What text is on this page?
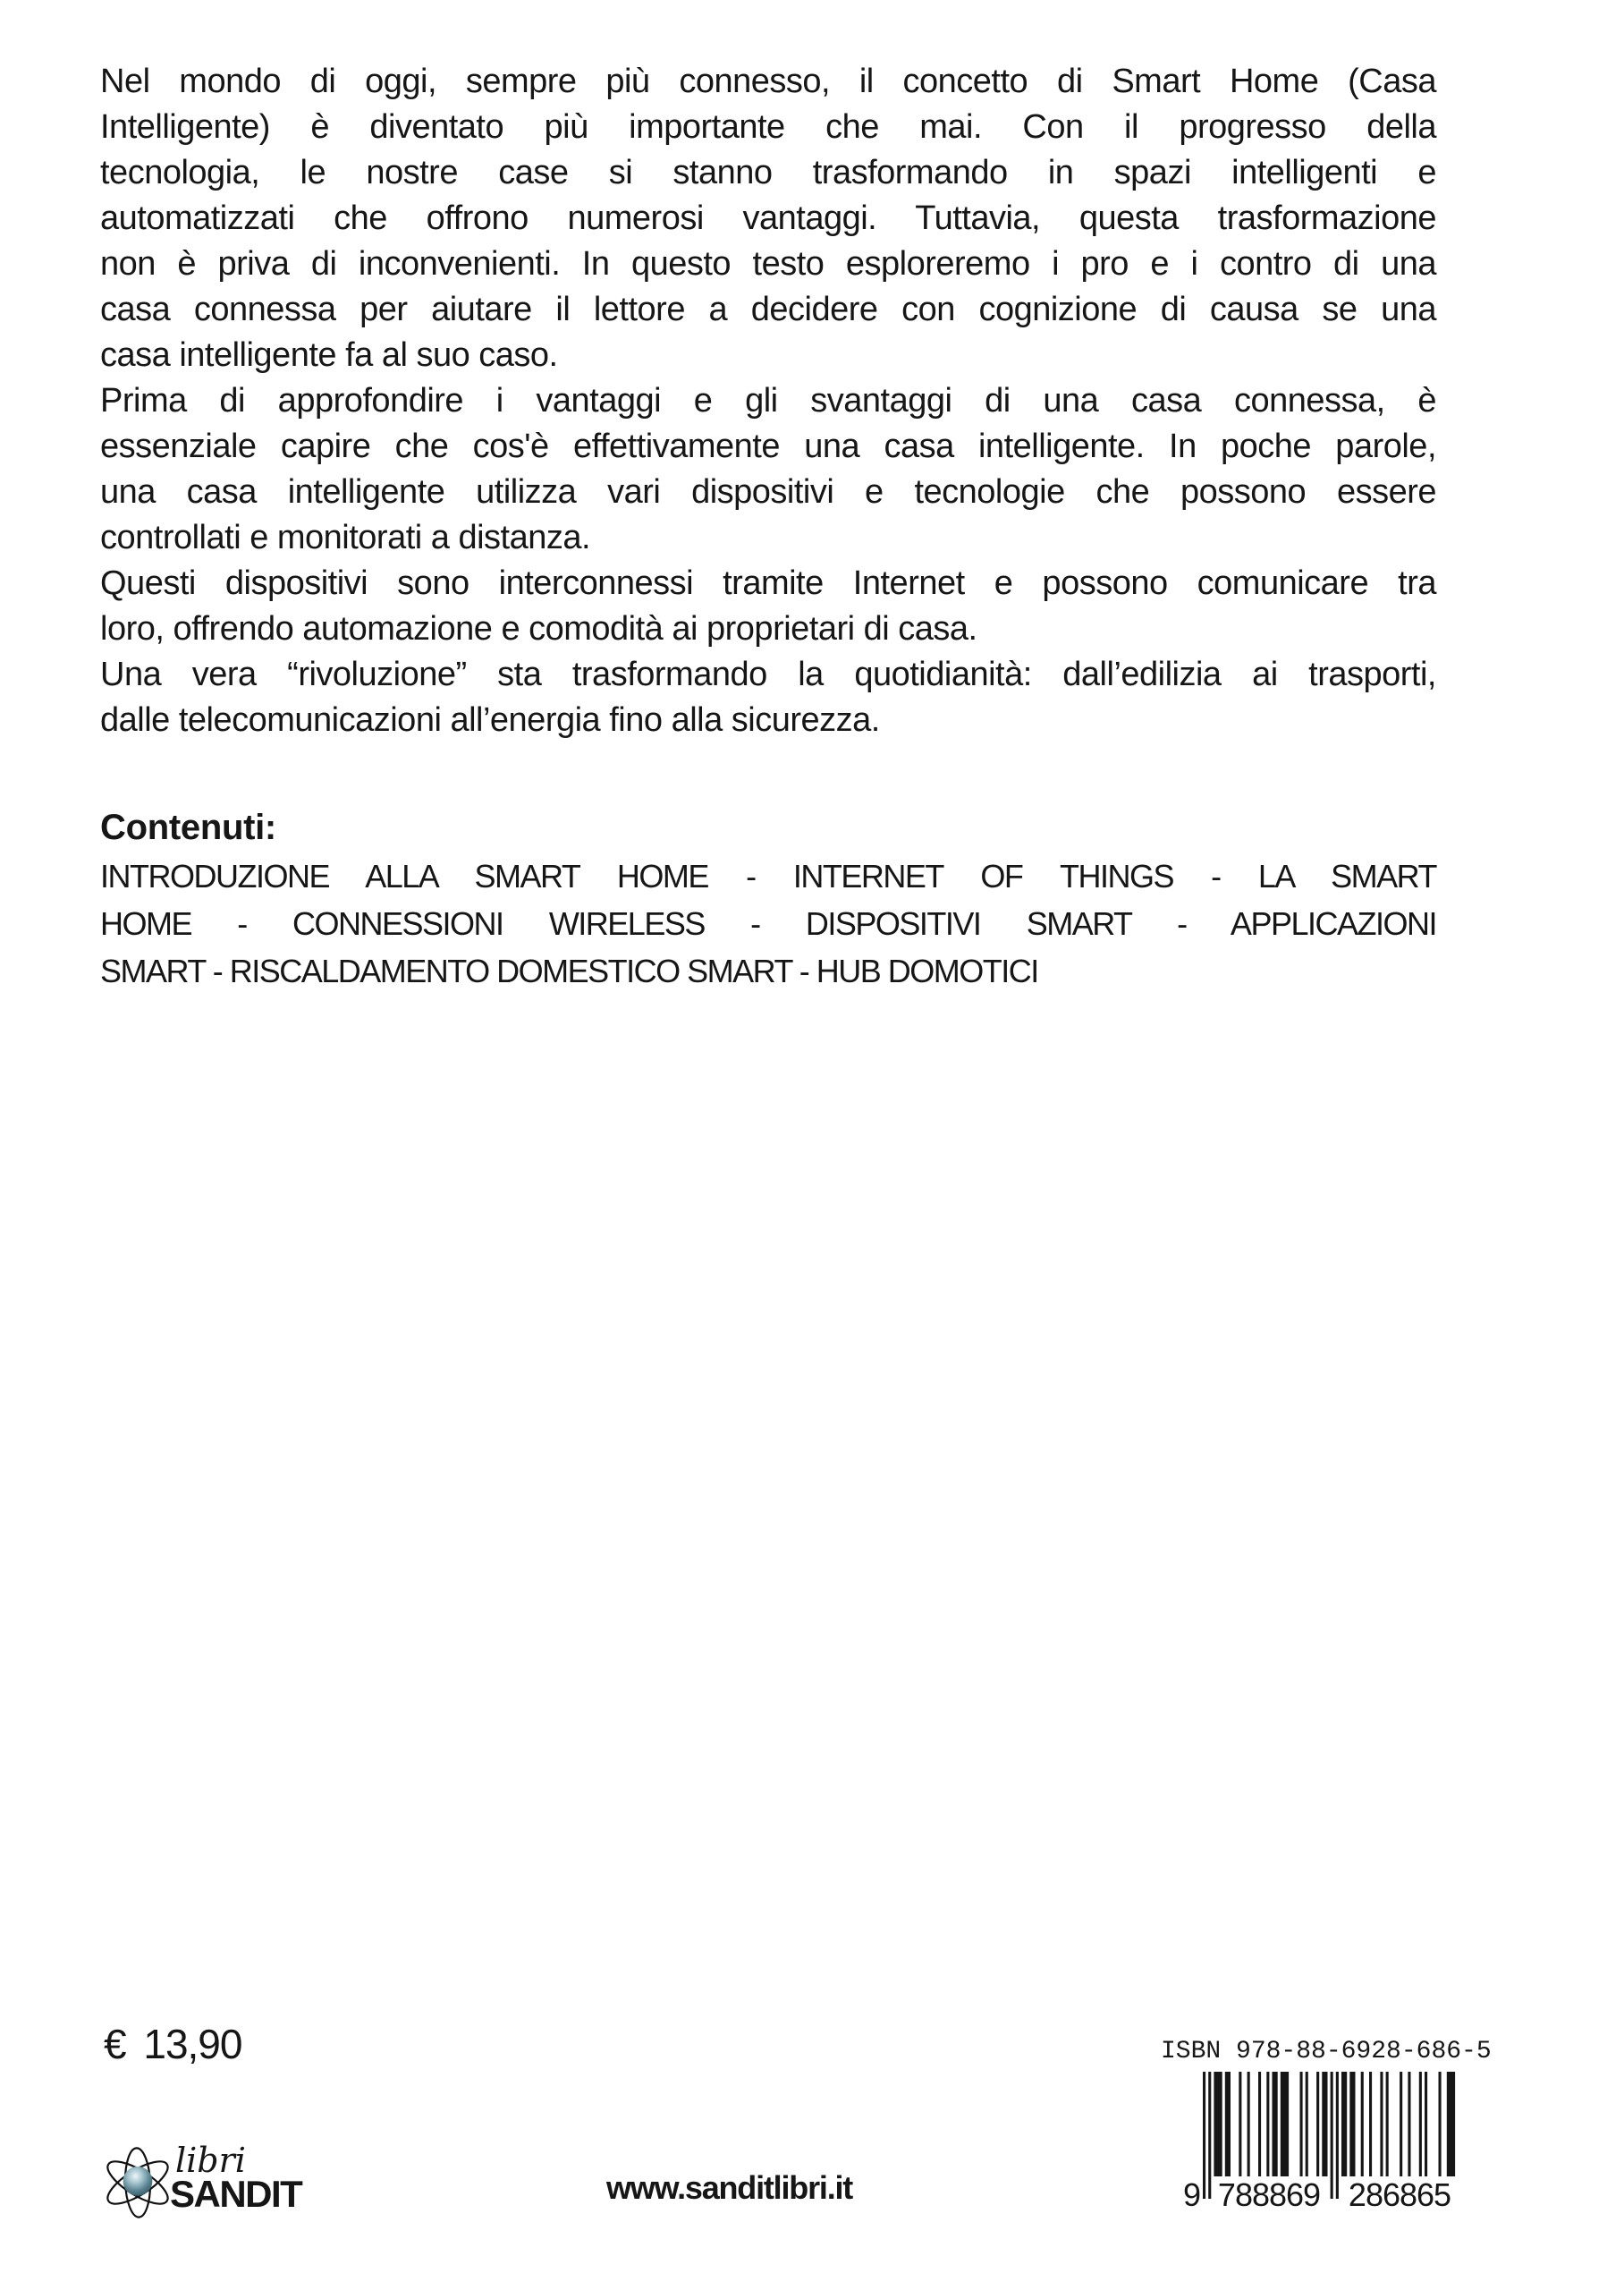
Nel mondo di oggi, sempre più connesso, il concetto di Smart Home (Casa
Intelligente) è diventato più importante che mai. Con il progresso della
tecnologia, le nostre case si stanno trasformando in spazi intelligenti e
automatizzati che offrono numerosi vantaggi. Tuttavia, questa trasformazione
non è priva di inconvenienti. In questo testo esploreremo i pro e i contro di una
casa connessa per aiutare il lettore a decidere con cognizione di causa se una
casa intelligente fa al suo caso.
Prima di approfondire i vantaggi e gli svantaggi di una casa connessa, è
essenziale capire che cos'è effettivamente una casa intelligente. In poche parole,
una casa intelligente utilizza vari dispositivi e tecnologie che possono essere
controllati e monitorati a distanza.
Questi dispositivi sono interconnessi tramite Internet e possono comunicare tra
loro, offrendo automazione e comodità ai proprietari di casa.
Una vera “rivoluzione” sta trasformando la quotidianità: dall’edilizia ai trasporti,
dalle telecomunicazioni all’energia fino alla sicurezza.
Contenuti:
INTRODUZIONE ALLA SMART HOME - INTERNET OF THINGS - LA SMART
HOME - CONNESSIONI WIRELESS - DISPOSITIVI SMART - APPLICAZIONI
SMART - RISCALDAMENTO DOMESTICO SMART - HUB DOMOTICI
€ 13,90	ISBN 978-88-6928-686-5
9 788869 286865
libri
SANDIT	www.sanditlibri.it
